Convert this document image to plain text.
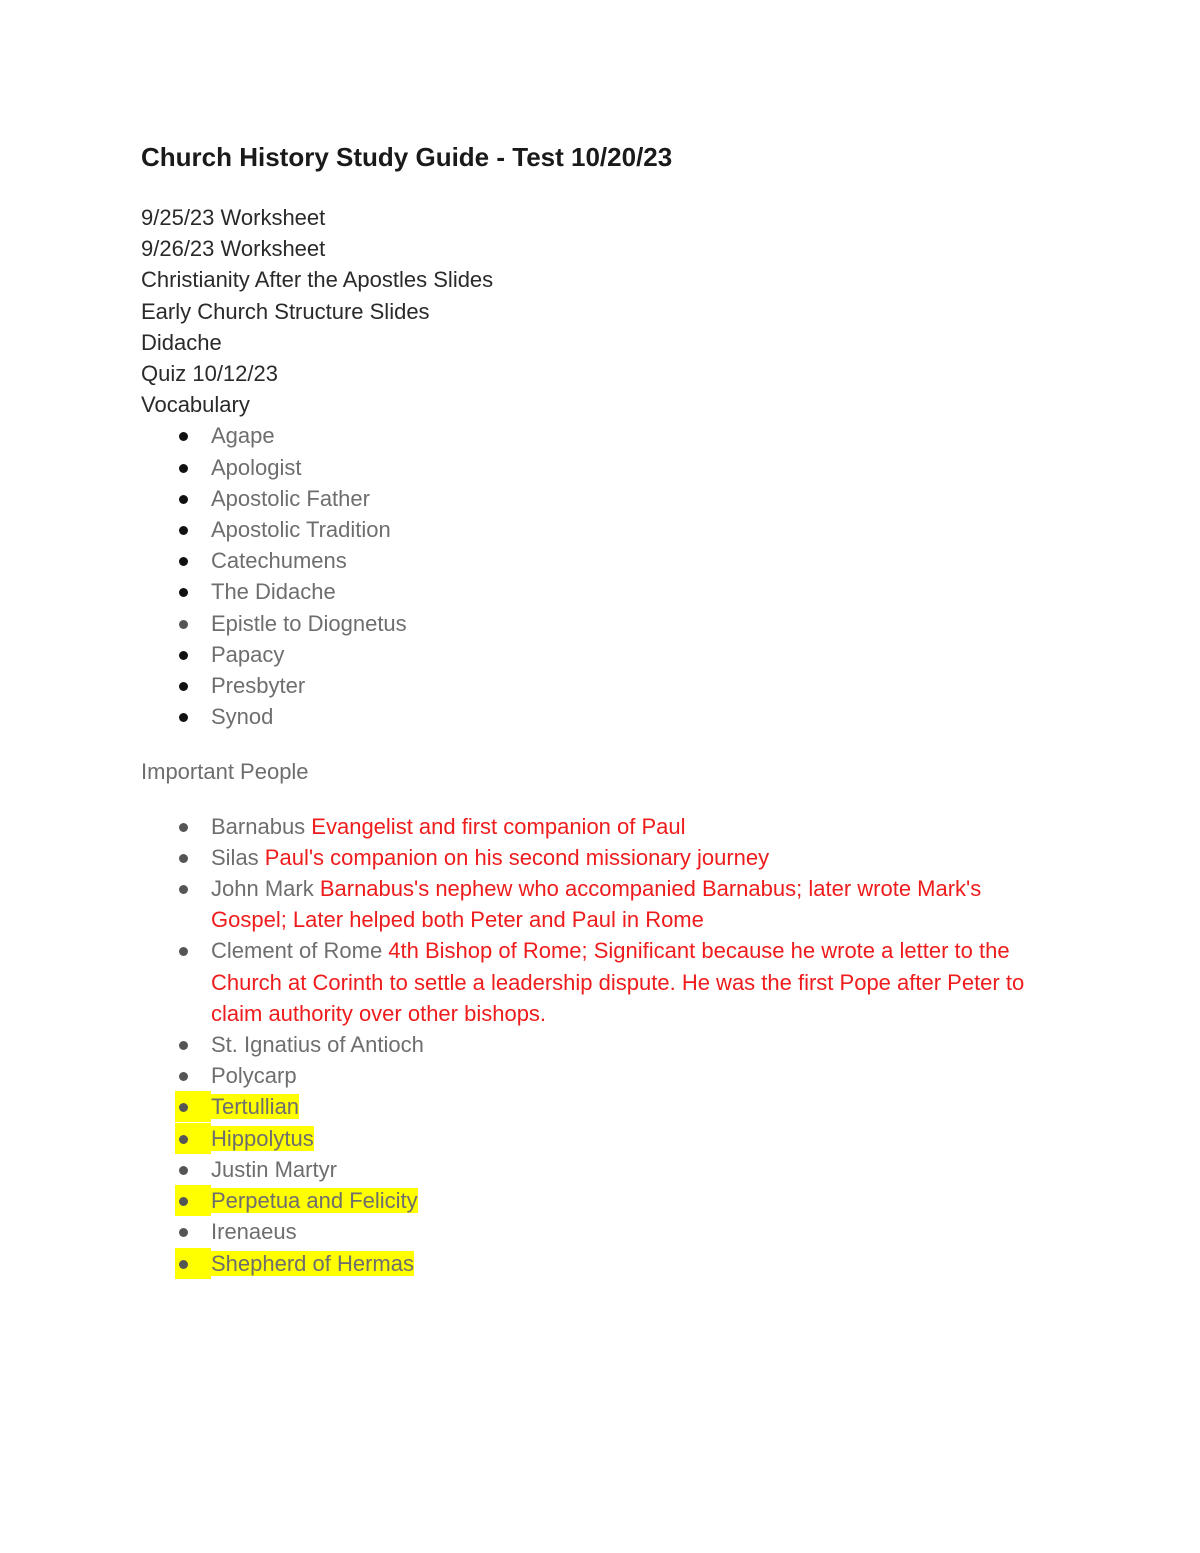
Church History Study Guide - Test 10/20/23
9/25/23 Worksheet
9/26/23 Worksheet
Christianity After the Apostles Slides
Early Church Structure Slides
Didache
Quiz 10/12/23
Vocabulary
Agape
Apologist
Apostolic Father
Apostolic Tradition
Catechumens
The Didache
Epistle to Diognetus
Papacy
Presbyter
Synod
Important People
Barnabus Evangelist and first companion of Paul
Silas Paul's companion on his second missionary journey
John Mark Barnabus's nephew who accompanied Barnabus; later wrote Mark's Gospel; Later helped both Peter and Paul in Rome
Clement of Rome 4th Bishop of Rome; Significant because he wrote a letter to the Church at Corinth to settle a leadership dispute. He was the first Pope after Peter to claim authority over other bishops.
St. Ignatius of Antioch
Polycarp
Tertullian
Hippolytus
Justin Martyr
Perpetua and Felicity
Irenaeus
Shepherd of Hermas
